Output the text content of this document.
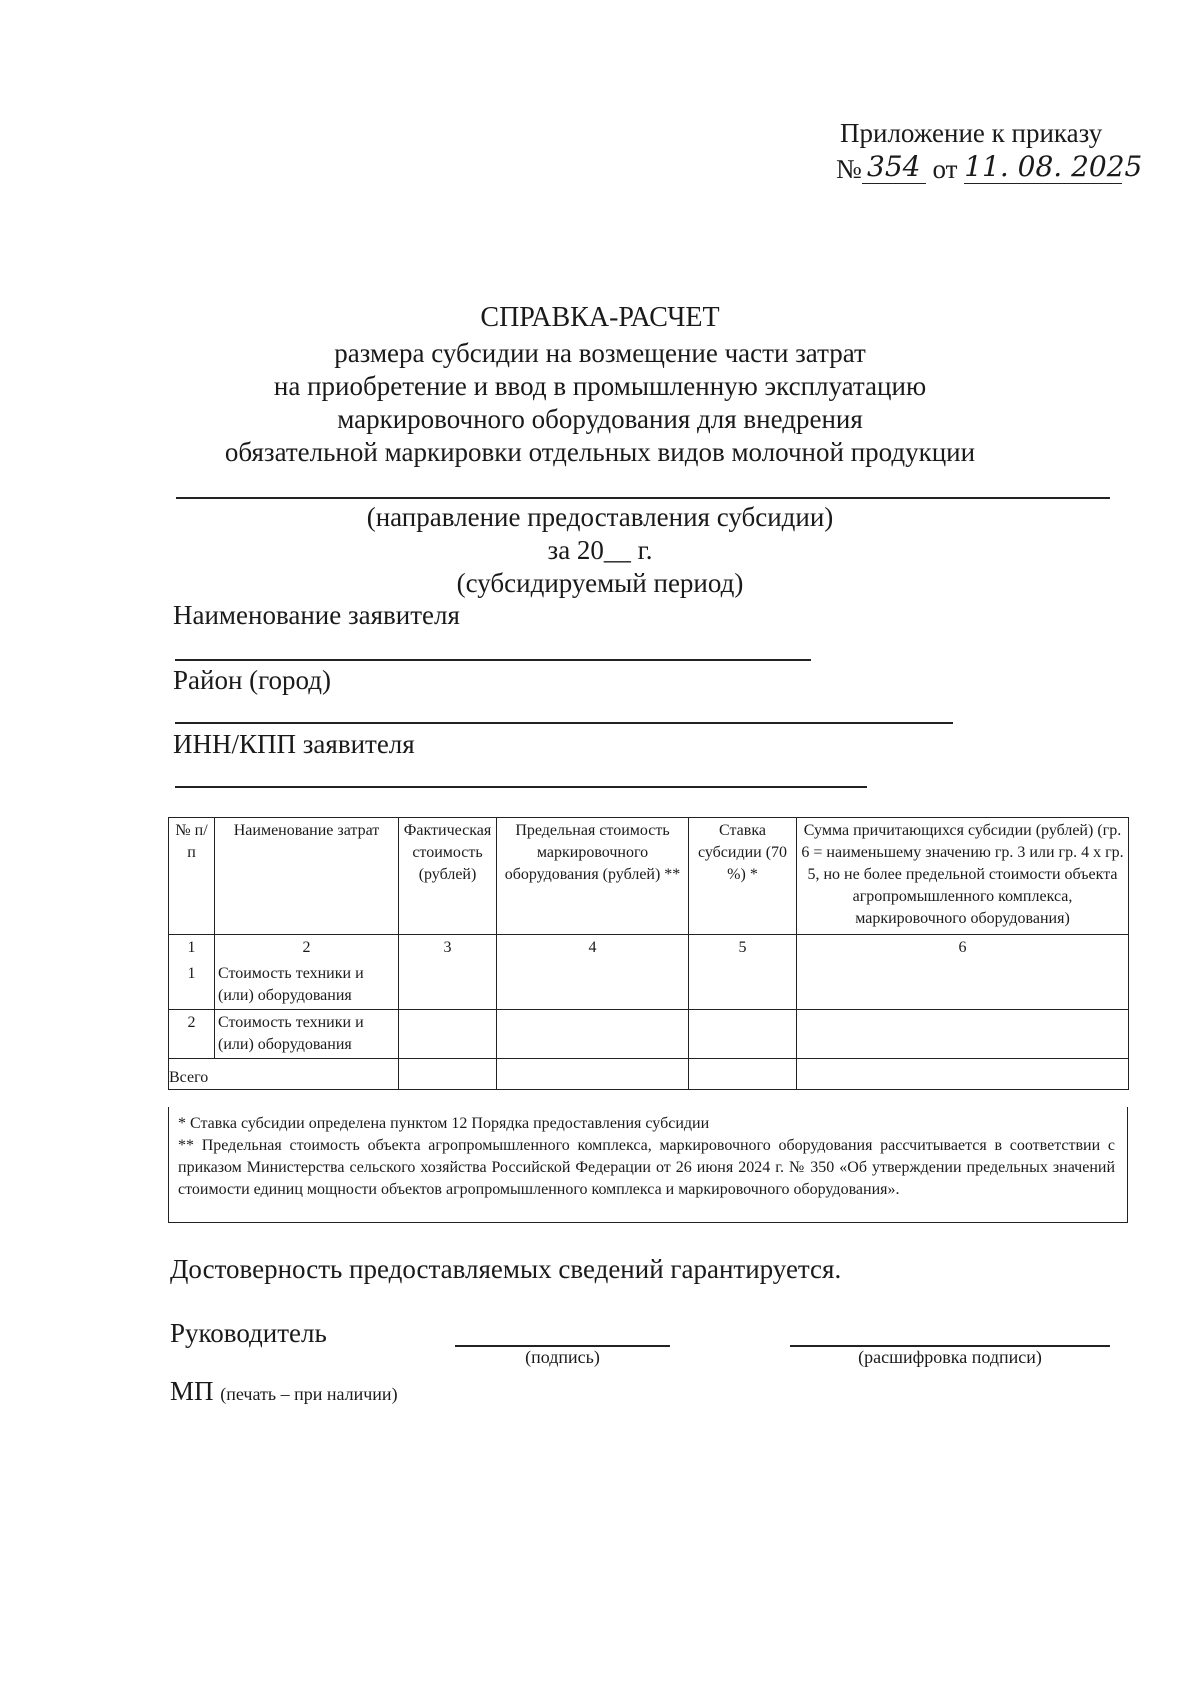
Приложение к приказу
№ 354 от 11. 08. 2025
СПРАВКА-РАСЧЕТ
размера субсидии на возмещение части затрат
на приобретение и ввод в промышленную эксплуатацию
маркировочного оборудования для внедрения
обязательной маркировки отдельных видов молочной продукции
(направление предоставления субсидии)
за 20__ г.
(субсидируемый период)
Наименование заявителя
Район (город)
ИНН/КПП заявителя
№ п/п	Наименование затрат	Фактическая стоимость (рублей)	Предельная стоимость маркировочного оборудования (рублей) **	Ставка субсидии (70 %) *	Сумма причитающихся субсидии (рублей) (гр. 6 = наименьшему значению гр. 3 или гр. 4 x гр. 5, но не более предельной стоимости объекта агропромышленного комплекса, маркировочного оборудования)
1	2	3	4	5	6
1	Стоимость техники и (или) оборудования				
2	Стоимость техники и (или) оборудования				
Всего					

* Ставка субсидии определена пунктом 12 Порядка предоставления субсидии

** Предельная стоимость объекта агропромышленного комплекса, маркировочного оборудования рассчитывается в соответствии с приказом Министерства сельского хозяйства Российской Федерации от 26 июня 2024 г. № 350 «Об утверждении предельных значений стоимости единиц мощности объектов агропромышленного комплекса и маркировочного оборудования».

Достоверность предоставляемых сведений гарантируется.
Руководитель
(подпись)	(расшифровка подписи)
МП (печать – при наличии)
